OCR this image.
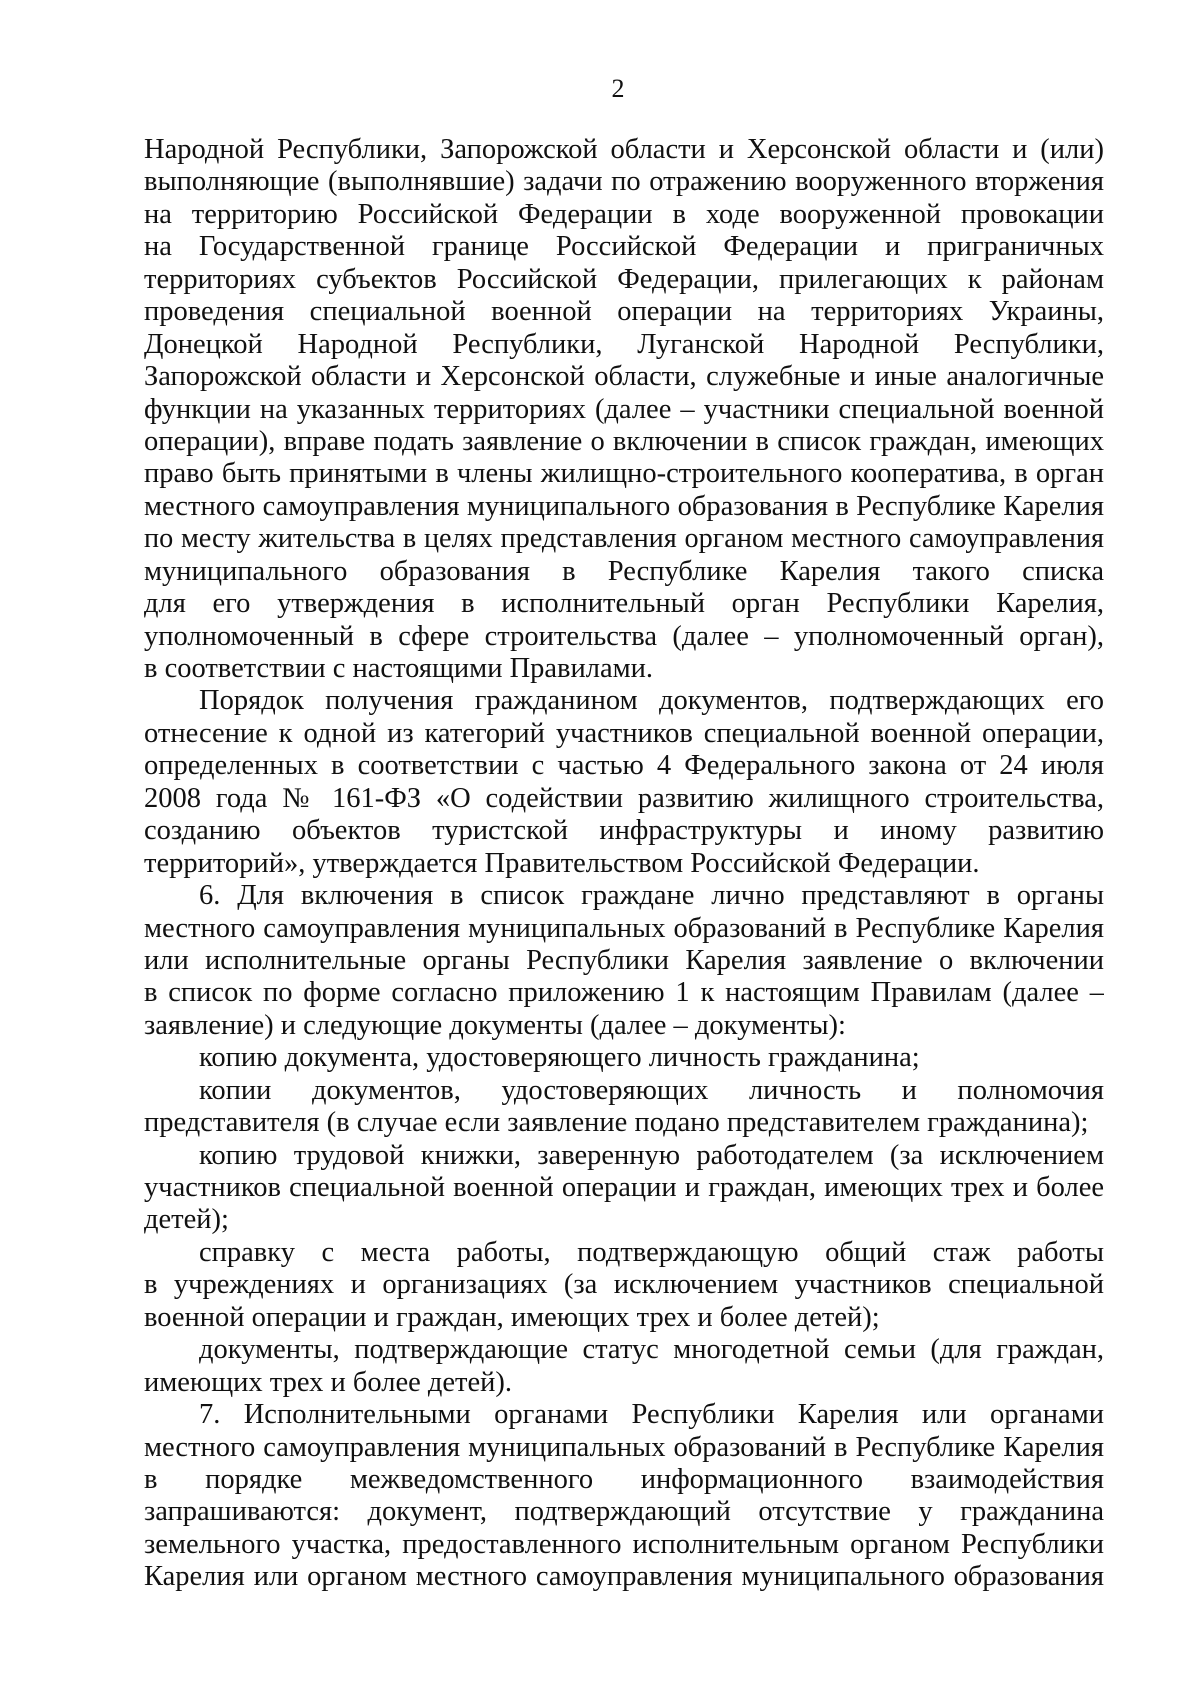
2
Народной Республики, Запорожской области и Херсонской области и (или)
выполняющие (выполнявшие) задачи по отражению вооруженного вторжения
на территорию Российской Федерации в ходе вооруженной провокации
на Государственной границе Российской Федерации и приграничных
территориях субъектов Российской Федерации, прилегающих к районам
проведения специальной военной операции на территориях Украины,
Донецкой Народной Республики, Луганской Народной Республики,
Запорожской области и Херсонской области, служебные и иные аналогичные
функции на указанных территориях (далее – участники специальной военной
операции), вправе подать заявление о включении в список граждан, имеющих
право быть принятыми в члены жилищно-строительного кооператива, в орган
местного самоуправления муниципального образования в Республике Карелия
по месту жительства в целях представления органом местного самоуправления
муниципального образования в Республике Карелия такого списка
для его утверждения в исполнительный орган Республики Карелия,
уполномоченный в сфере строительства (далее – уполномоченный орган),
в соответствии с настоящими Правилами.
Порядок получения гражданином документов, подтверждающих его
отнесение к одной из категорий участников специальной военной операции,
определенных в соответствии с частью 4 Федерального закона от 24 июля
2008 года № 161-ФЗ «О содействии развитию жилищного строительства,
созданию объектов туристской инфраструктуры и иному развитию
территорий», утверждается Правительством Российской Федерации.
6. Для включения в список граждане лично представляют в органы
местного самоуправления муниципальных образований в Республике Карелия
или исполнительные органы Республики Карелия заявление о включении
в список по форме согласно приложению 1 к настоящим Правилам (далее –
заявление) и следующие документы (далее – документы):
копию документа, удостоверяющего личность гражданина;
копии документов, удостоверяющих личность и полномочия
представителя (в случае если заявление подано представителем гражданина);
копию трудовой книжки, заверенную работодателем (за исключением
участников специальной военной операции и граждан, имеющих трех и более
детей);
справку с места работы, подтверждающую общий стаж работы
в учреждениях и организациях (за исключением участников специальной
военной операции и граждан, имеющих трех и более детей);
документы, подтверждающие статус многодетной семьи (для граждан,
имеющих трех и более детей).
7. Исполнительными органами Республики Карелия или органами
местного самоуправления муниципальных образований в Республике Карелия
в порядке межведомственного информационного взаимодействия
запрашиваются: документ, подтверждающий отсутствие у гражданина
земельного участка, предоставленного исполнительным органом Республики
Карелия или органом местного самоуправления муниципального образования
